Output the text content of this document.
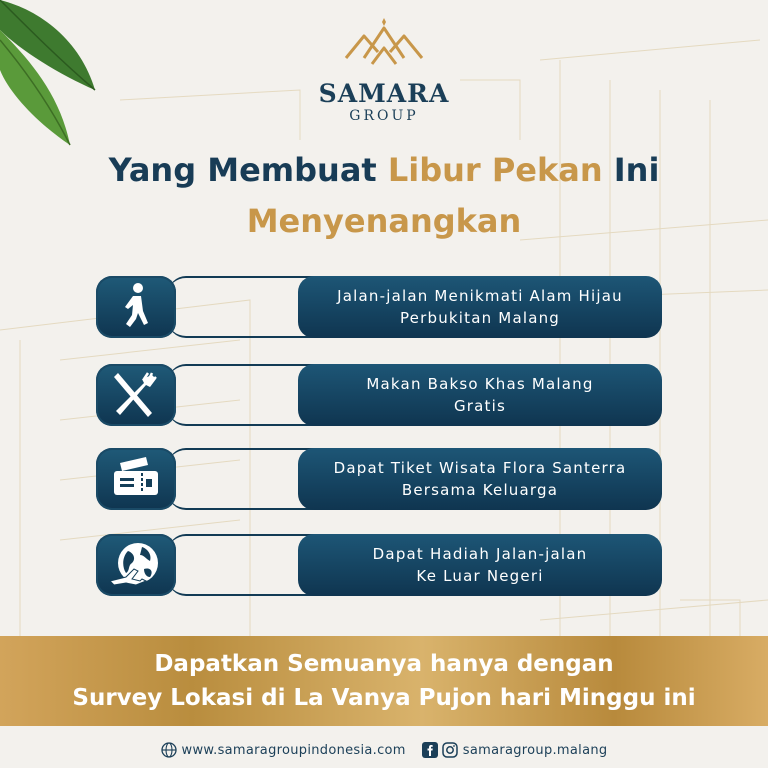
SAMARA
GROUP
Yang Membuat Libur Pekan Ini
Menyenangkan
Jalan-jalan Menikmati Alam Hijau
Perbukitan Malang
Makan Bakso Khas Malang
Gratis
Dapat Tiket Wisata Flora Santerra
Bersama Keluarga
Dapat Hadiah Jalan-jalan
Ke Luar Negeri
Dapatkan Semuanya hanya dengan
Survey Lokasi di La Vanya Pujon hari Minggu ini
www.samaragroupindonesia.com	samaragroup.malang
